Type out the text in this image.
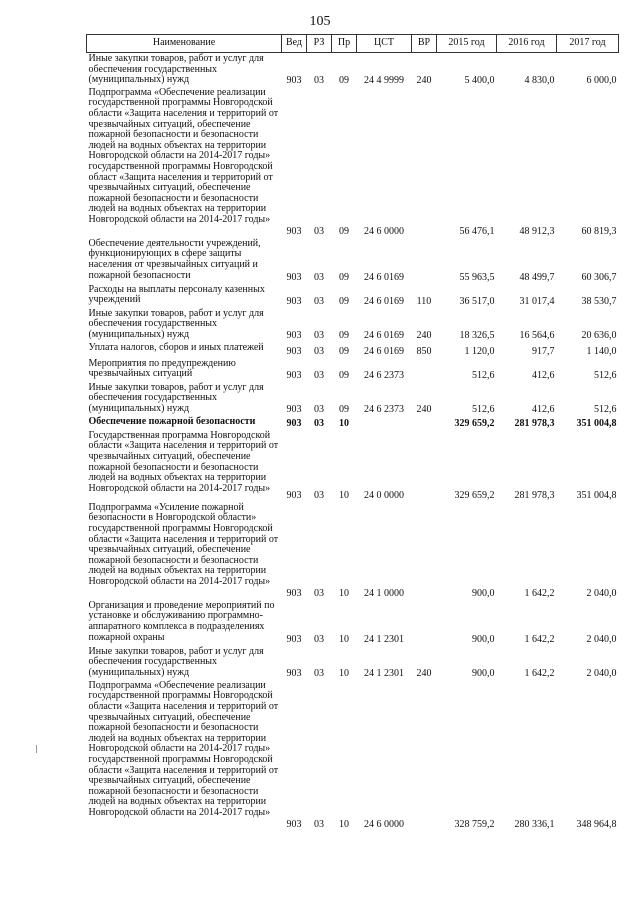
105
Наименование	Вед	РЗ	Пр	ЦСТ	ВР	2015 год	2016 год	2017 год
Иные закупки товаров, работ и услуг для обеспечения государственных (муниципальных) нужд	903	03	09	24 4 9999	240	5 400,0	4 830,0	6 000,0
Подпрограмма «Обеспечение реализации государственной программы Новгородской области «Защита населения и территорий от чрезвычайных ситуаций, обеспечение пожарной безопасности и безопасности людей на водных объектах на территории Новгородской области на 2014-2017 годы» государственной программы Новгородской област «Защита населения и территорий от чрезвычайных ситуаций, обеспечение пожарной безопасности и безопасности людей на водных объектах на территории Новгородской области на 2014-2017 годы»	903	03	09	24 6 0000		56 476,1	48 912,3	60 819,3
Обеспечение деятельности учреждений, функционирующих в сфере защиты населения от чрезвычайных ситуаций и пожарной безопасности	903	03	09	24 6 0169		55 963,5	48 499,7	60 306,7
Расходы на выплаты персоналу казенных учреждений	903	03	09	24 6 0169	110	36 517,0	31 017,4	38 530,7
Иные закупки товаров, работ и услуг для обеспечения государственных (муниципальных) нужд	903	03	09	24 6 0169	240	18 326,5	16 564,6	20 636,0
Уплата налогов, сборов и иных платежей	903	03	09	24 6 0169	850	1 120,0	917,7	1 140,0
Мероприятия по предупреждению чрезвычайных ситуаций	903	03	09	24 6 2373		512,6	412,6	512,6
Иные закупки товаров, работ и услуг для обеспечения государственных (муниципальных) нужд	903	03	09	24 6 2373	240	512,6	412,6	512,6
Обеспечение пожарной безопасности	903	03	10			329 659,2	281 978,3	351 004,8
Государственная программа Новгородской области «Защита населения и территорий от чрезвычайных ситуаций, обеспечение пожарной безопасности и безопасности людей на водных объектах на территории Новгородской области на 2014-2017 годы»	903	03	10	24 0 0000		329 659,2	281 978,3	351 004,8
Подпрограмма «Усиление пожарной безопасности в Новгородской области» государственной программы Новгородской области «Защита населения и территорий от чрезвычайных ситуаций, обеспечение пожарной безопасности и безопасности людей на водных объектах на территории Новгородской области на 2014-2017 годы»	903	03	10	24 1 0000		900,0	1 642,2	2 040,0
Организация и проведение мероприятий по установке и обслуживанию программно-аппаратного комплекса в подразделениях пожарной охраны	903	03	10	24 1 2301		900,0	1 642,2	2 040,0
Иные закупки товаров, работ и услуг для обеспечения государственных (муниципальных) нужд	903	03	10	24 1 2301	240	900,0	1 642,2	2 040,0
Подпрограмма «Обеспечение реализации государственной программы Новгородской области «Защита населения и территорий от чрезвычайных ситуаций, обеспечение пожарной безопасности и безопасности людей на водных объектах на территории Новгородской области на 2014-2017 годы» государственной программы Новгородской области «Защита населения и территорий от чрезвычайных ситуаций, обеспечение пожарной безопасности и безопасности людей на водных объектах на территории Новгородской области на 2014-2017 годы»	903	03	10	24 6 0000		328 759,2	280 336,1	348 964,8
